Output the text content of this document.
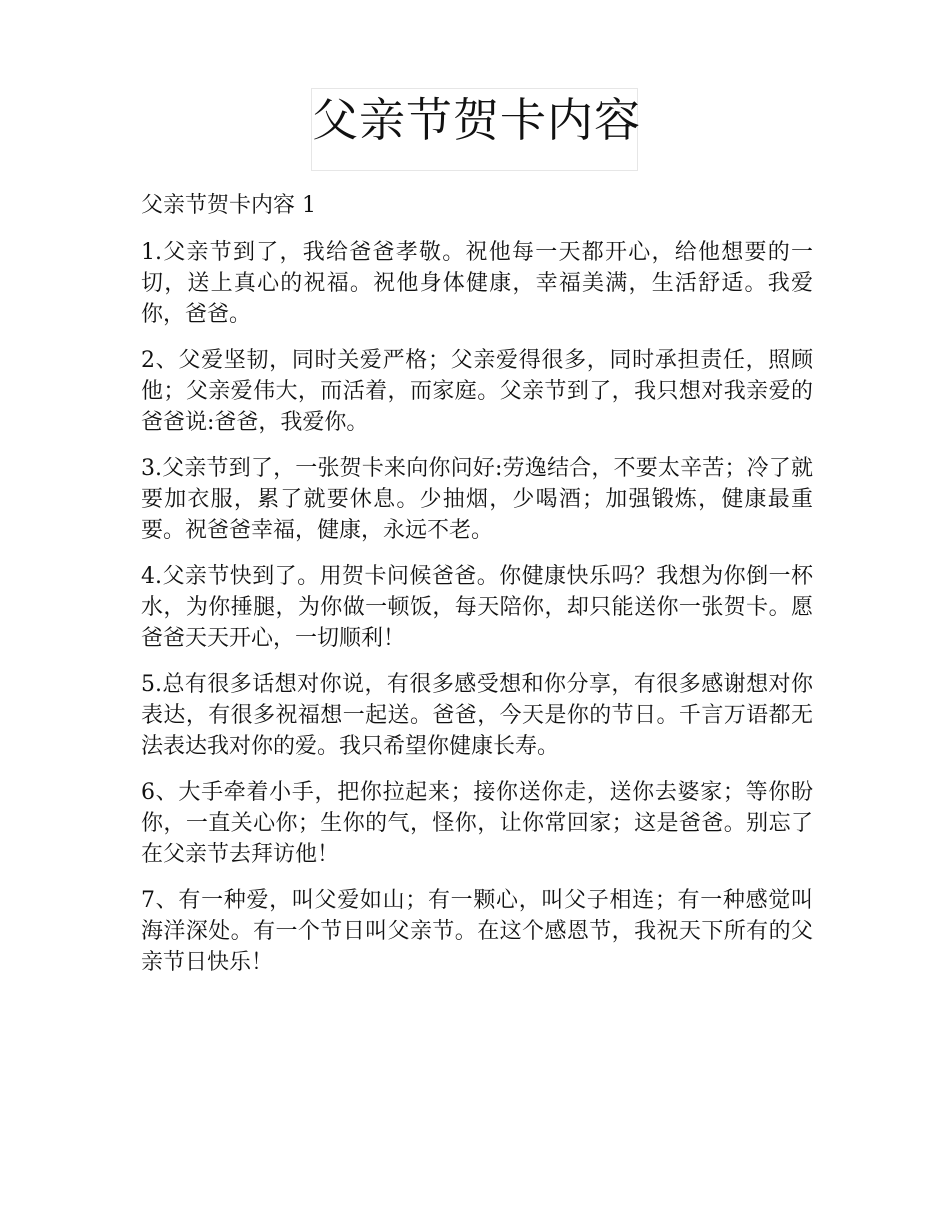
父亲节贺卡内容

父亲节贺卡内容 1

1.父亲节到了，我给爸爸孝敬。祝他每一天都开心，给他想要的一切，送上真心的祝福。祝他身体健康，幸福美满，生活舒适。我爱你，爸爸。

2、父爱坚韧，同时关爱严格；父亲爱得很多，同时承担责任，照顾他；父亲爱伟大，而活着，而家庭。父亲节到了，我只想对我亲爱的爸爸说:爸爸，我爱你。

3.父亲节到了，一张贺卡来向你问好:劳逸结合，不要太辛苦；冷了就要加衣服，累了就要休息。少抽烟，少喝酒；加强锻炼，健康最重要。祝爸爸幸福，健康，永远不老。

4.父亲节快到了。用贺卡问候爸爸。你健康快乐吗？我想为你倒一杯水，为你捶腿，为你做一顿饭，每天陪你，却只能送你一张贺卡。愿爸爸天天开心，一切顺利！

5.总有很多话想对你说，有很多感受想和你分享，有很多感谢想对你表达，有很多祝福想一起送。爸爸，今天是你的节日。千言万语都无法表达我对你的爱。我只希望你健康长寿。

6、大手牵着小手，把你拉起来；接你送你走，送你去婆家；等你盼你，一直关心你；生你的气，怪你，让你常回家；这是爸爸。别忘了在父亲节去拜访他！

7、有一种爱，叫父爱如山；有一颗心，叫父子相连；有一种感觉叫海洋深处。有一个节日叫父亲节。在这个感恩节，我祝天下所有的父亲节日快乐！
